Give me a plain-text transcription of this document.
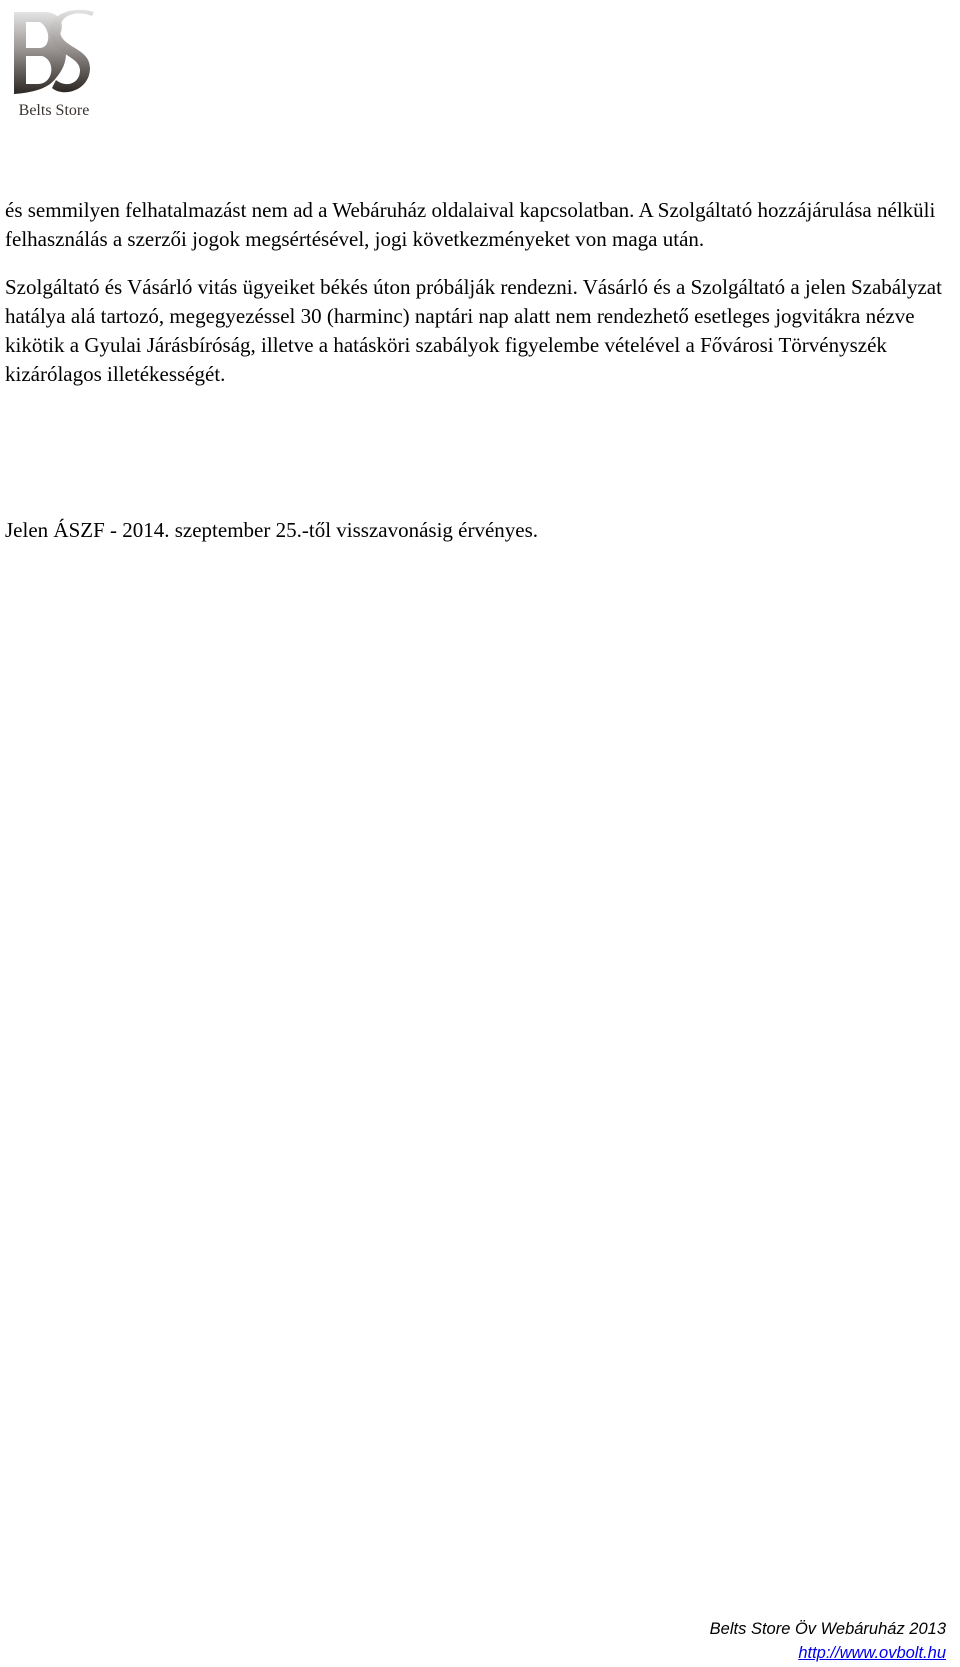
Belts Store

és semmilyen felhatalmazást nem ad a Webáruház oldalaival kapcsolatban. A Szolgáltató hozzájárulása nélküli felhasználás a szerzői jogok megsértésével, jogi következményeket von maga után.

Szolgáltató és Vásárló vitás ügyeiket békés úton próbálják rendezni. Vásárló és a Szolgáltató a jelen Szabályzat hatálya alá tartozó, megegyezéssel 30 (harminc) naptári nap alatt nem rendezhető esetleges jogvitákra nézve kikötik a Gyulai Járásbíróság, illetve a hatásköri szabályok figyelembe vételével a Fővárosi Törvényszék kizárólagos illetékességét.

Jelen ÁSZF - 2014. szeptember 25.-től visszavonásig érvényes.

Belts Store Öv Webáruház 2013
http://www.ovbolt.hu
